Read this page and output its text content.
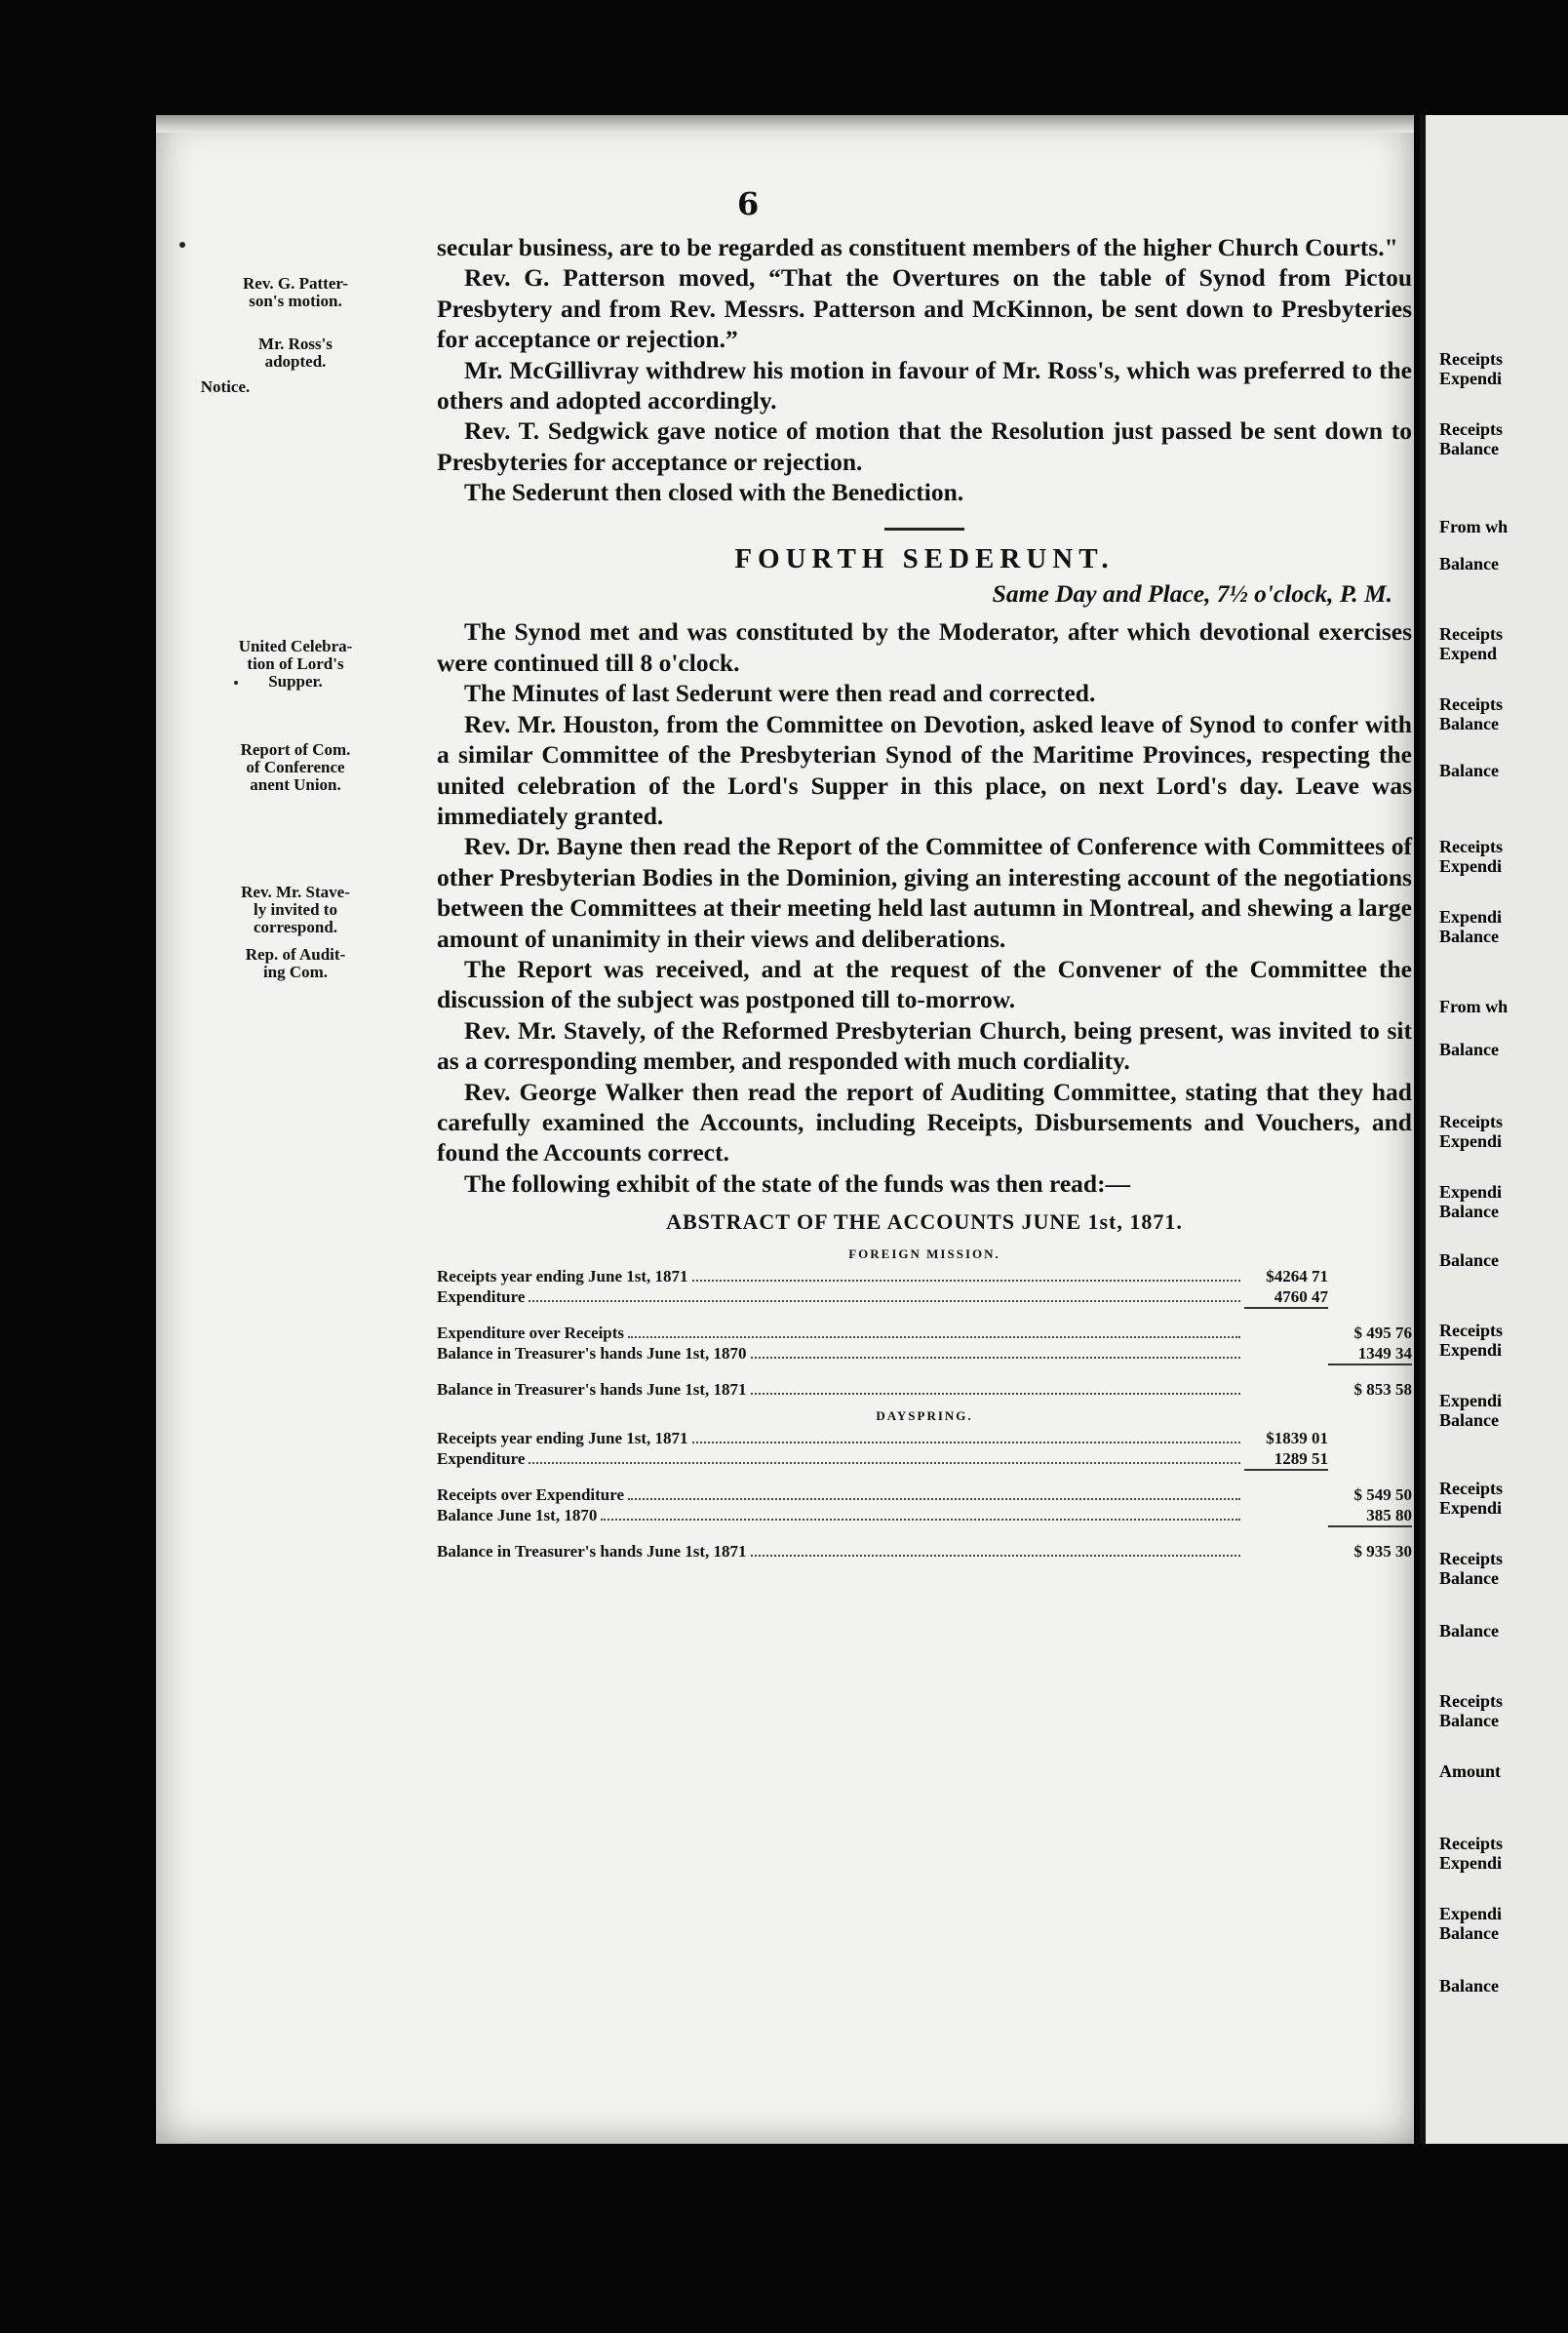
6
Rev. G. Patter-
son's motion.
Mr. Ross's
adopted.
Notice.
United Celebra-
tion of Lord's
Supper.
Report of Com.
of Conference
anent Union.
Rev. Mr. Stave-
ly invited to
correspond.
Rep. of Audit-
ing Com.

secular business, are to be regarded as constituent members of the higher Church Courts."

Rev. G. Patterson moved, “That the Overtures on the table of Synod from Pictou Presbytery and from Rev. Messrs. Patterson and McKinnon, be sent down to Presbyteries for acceptance or rejection.”

Mr. McGillivray withdrew his motion in favour of Mr. Ross's, which was preferred to the others and adopted accordingly.

Rev. T. Sedgwick gave notice of motion that the Resolution just passed be sent down to Presbyteries for acceptance or rejection.

The Sederunt then closed with the Benediction.

FOURTH SEDERUNT.
Same Day and Place, 7½ o'clock, P. M.

The Synod met and was constituted by the Moderator, after which devotional exercises were continued till 8 o'clock.

The Minutes of last Sederunt were then read and corrected.

Rev. Mr. Houston, from the Committee on Devotion, asked leave of Synod to confer with a similar Committee of the Presbyterian Synod of the Maritime Provinces, respecting the united celebration of the Lord's Supper in this place, on next Lord's day. Leave was immediately granted.

Rev. Dr. Bayne then read the Report of the Committee of Conference with Committees of other Presbyterian Bodies in the Dominion, giving an interesting account of the negotiations between the Committees at their meeting held last autumn in Montreal, and shewing a large amount of unanimity in their views and deliberations.

The Report was received, and at the request of the Convener of the Committee the discussion of the subject was postponed till to-morrow.

Rev. Mr. Stavely, of the Reformed Presbyterian Church, being present, was invited to sit as a corresponding member, and responded with much cordiality.

Rev. George Walker then read the report of Auditing Committee, stating that they had carefully examined the Accounts, including Receipts, Disbursements and Vouchers, and found the Accounts correct.

The following exhibit of the state of the funds was then read:—

ABSTRACT OF THE ACCOUNTS JUNE 1st, 1871.
FOREIGN MISSION.
Receipts year ending June 1st, 1871	$4264 71
Expenditure	4760 47
Expenditure over Receipts	$ 495 76
Balance in Treasurer's hands June 1st, 1870	1349 34
Balance in Treasurer's hands June 1st, 1871	$ 853 58
DAYSPRING.
Receipts year ending June 1st, 1871	$1839 01
Expenditure	1289 51
Receipts over Expenditure	$ 549 50
Balance June 1st, 1870	385 80
Balance in Treasurer's hands June 1st, 1871	$ 935 30
Receipts
Expendi
Receipts
Balance
From wh
Balance
Receipts
Expend
Receipts
Balance
Balance
Receipts
Expendi
Expendi
Balance
From wh
Balance
Receipts
Expendi
Expendi
Balance
Balance
Receipts
Expendi
Expendi
Balance
Receipts
Expendi
Receipts
Balance
Balance
Receipts
Balance
Amount
Receipts
Expendi
Expendi
Balance
Balance
